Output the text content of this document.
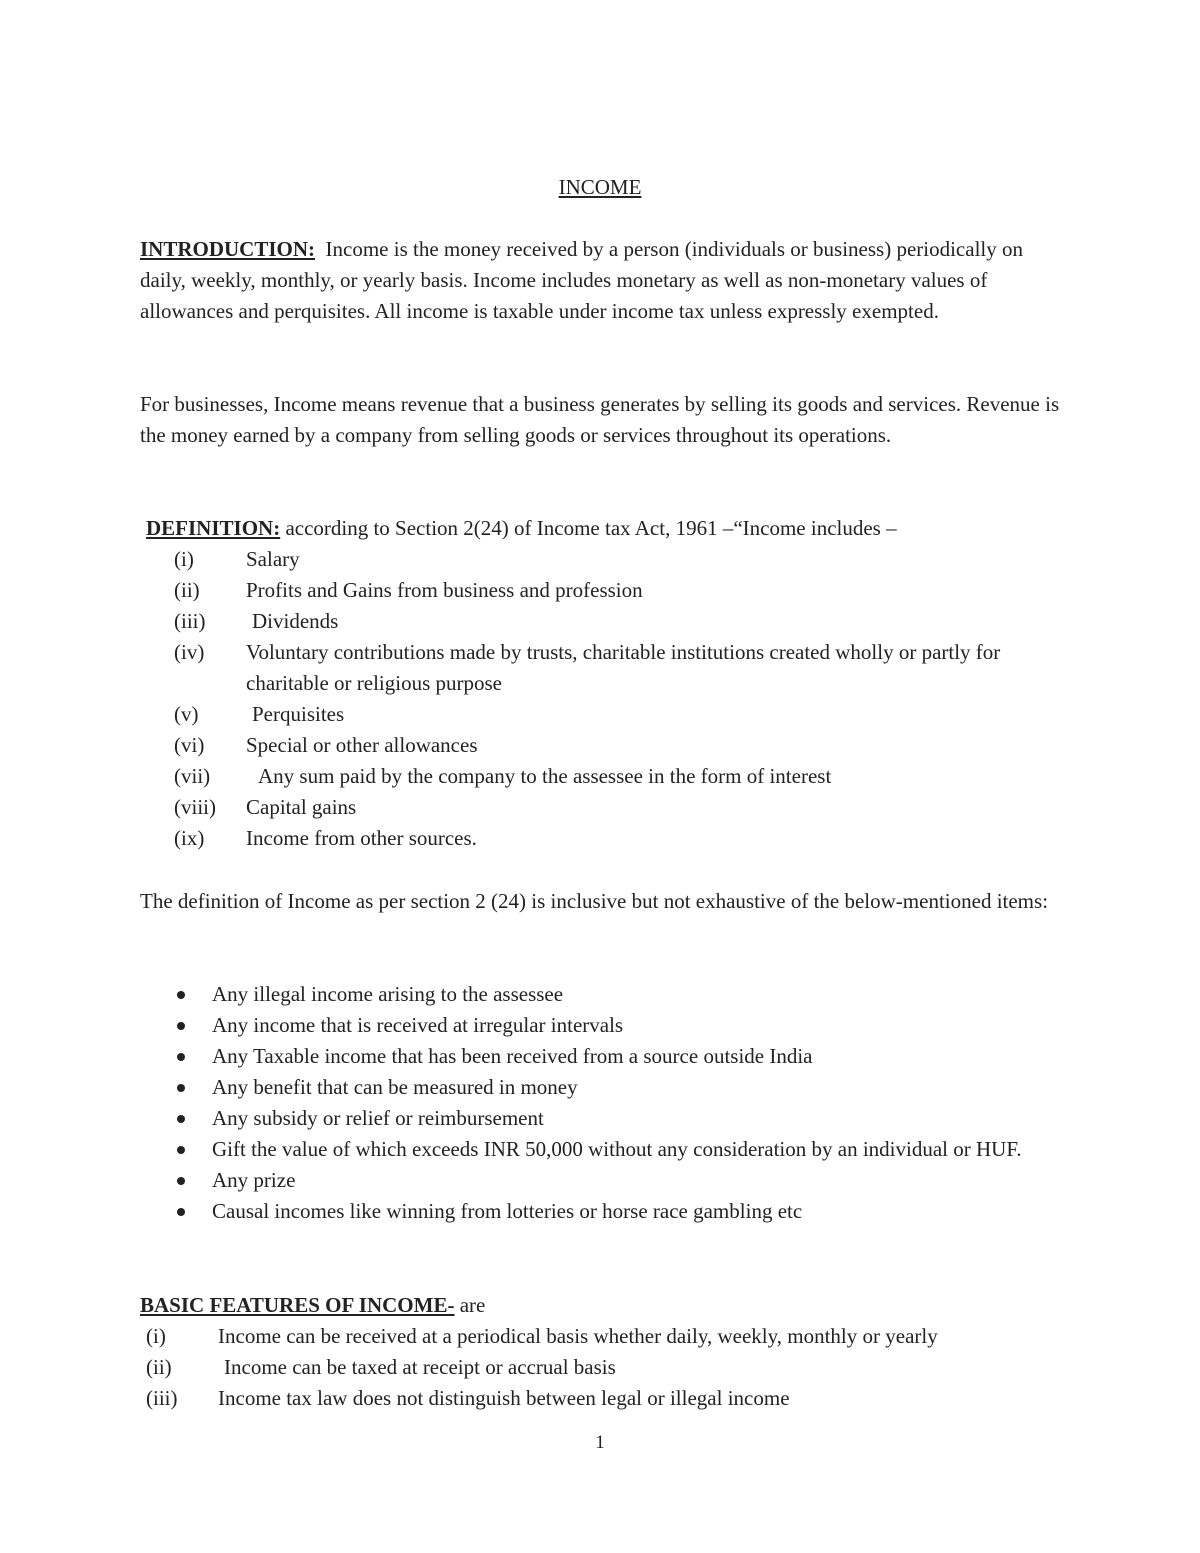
INCOME
INTRODUCTION: Income is the money received by a person (individuals or business) periodically on daily, weekly, monthly, or yearly basis. Income includes monetary as well as non-monetary values of allowances and perquisites. All income is taxable under income tax unless expressly exempted.
For businesses, Income means revenue that a business generates by selling its goods and services. Revenue is the money earned by a company from selling goods or services throughout its operations.
DEFINITION: according to Section 2(24) of Income tax Act, 1961 –“Income includes –
(i)	Salary
(ii)	Profits and Gains from business and profession
(iii)	Dividends
(iv)	Voluntary contributions made by trusts, charitable institutions created wholly or partly for charitable or religious purpose
(v)	Perquisites
(vi)	Special or other allowances
(vii)	Any sum paid by the company to the assessee in the form of interest
(viii)	Capital gains
(ix)	Income from other sources.
The definition of Income as per section 2 (24) is inclusive but not exhaustive of the below-mentioned items:
Any illegal income arising to the assessee
Any income that is received at irregular intervals
Any Taxable income that has been received from a source outside India
Any benefit that can be measured in money
Any subsidy or relief or reimbursement
Gift the value of which exceeds INR 50,000 without any consideration by an individual or HUF.
Any prize
Causal incomes like winning from lotteries or horse race gambling etc
BASIC FEATURES OF INCOME- are
(i)	Income can be received at a periodical basis whether daily, weekly, monthly or yearly
(ii)	Income can be taxed at receipt or accrual basis
(iii)	Income tax law does not distinguish between legal or illegal income
1
